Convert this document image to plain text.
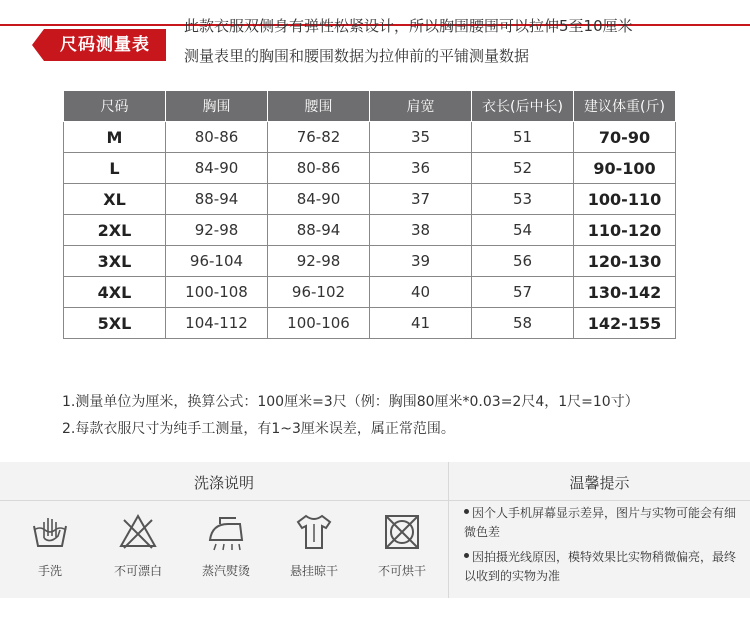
尺码测量表
此款衣服双侧身有弹性松紧设计，所以胸围腰围可以拉伸5至10厘米
测量表里的胸围和腰围数据为拉伸前的平铺测量数据
尺码	胸围	腰围	肩宽	衣长(后中长)	建议体重(斤)
M	80-86	76-82	35	51	70-90
L	84-90	80-86	36	52	90-100
XL	88-94	84-90	37	53	100-110
2XL	92-98	88-94	38	54	110-120
3XL	96-104	92-98	39	56	120-130
4XL	100-108	96-102	40	57	130-142
5XL	104-112	100-106	41	58	142-155
1.测量单位为厘米，换算公式：100厘米=3尺（例：胸围80厘米*0.03=2尺4，1尺=10寸）
2.每款衣服尺寸为纯手工测量，有1~3厘米误差，属正常范围。
洗涤说明	温馨提示
手洗	不可漂白	蒸汽熨烫	悬挂晾干	不可烘干
因个人手机屏幕显示差异，图片与实物可能会有细微色差
因拍摄光线原因，模特效果比实物稍微偏亮，最终以收到的实物为准
